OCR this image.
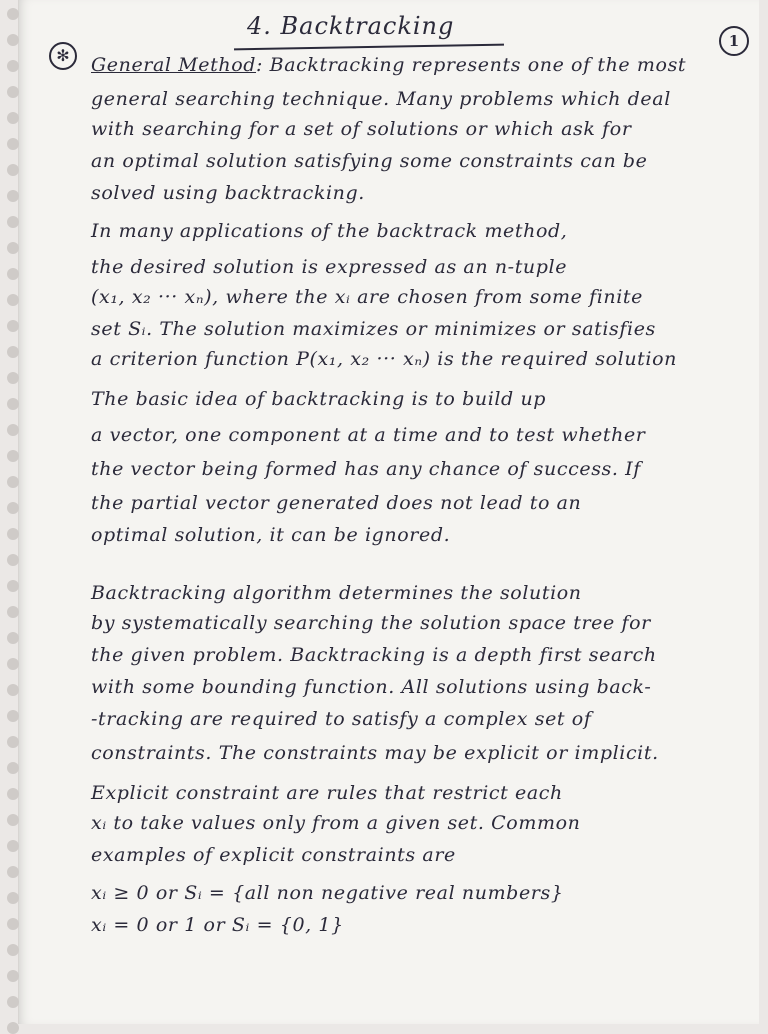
4. Backtracking
1
✻	General Method: Backtracking represents one of the most
general searching technique. Many problems which deal
with searching for a set of solutions or which ask for
an optimal solution satisfying some constraints can be
solved using backtracking.
In many applications of the backtrack method,
the desired solution is expressed as an n-tuple
(x₁, x₂ ··· xₙ), where the xᵢ are chosen from some finite
set Sᵢ. The solution maximizes or minimizes or satisfies
a criterion function P(x₁, x₂ ··· xₙ) is the required solution
The basic idea of backtracking is to build up
a vector, one component at a time and to test whether
the vector being formed has any chance of success. If
the partial vector generated does not lead to an
optimal solution, it can be ignored.
Backtracking algorithm determines the solution
by systematically searching the solution space tree for
the given problem. Backtracking is a depth first search
with some bounding function. All solutions using back-
-tracking are required to satisfy a complex set of
constraints. The constraints may be explicit or implicit.
Explicit constraint are rules that restrict each
xᵢ to take values only from a given set. Common
examples of explicit constraints are
xᵢ ≥ 0 or Sᵢ = {all non negative real numbers}
xᵢ = 0 or 1 or Sᵢ = {0, 1}
